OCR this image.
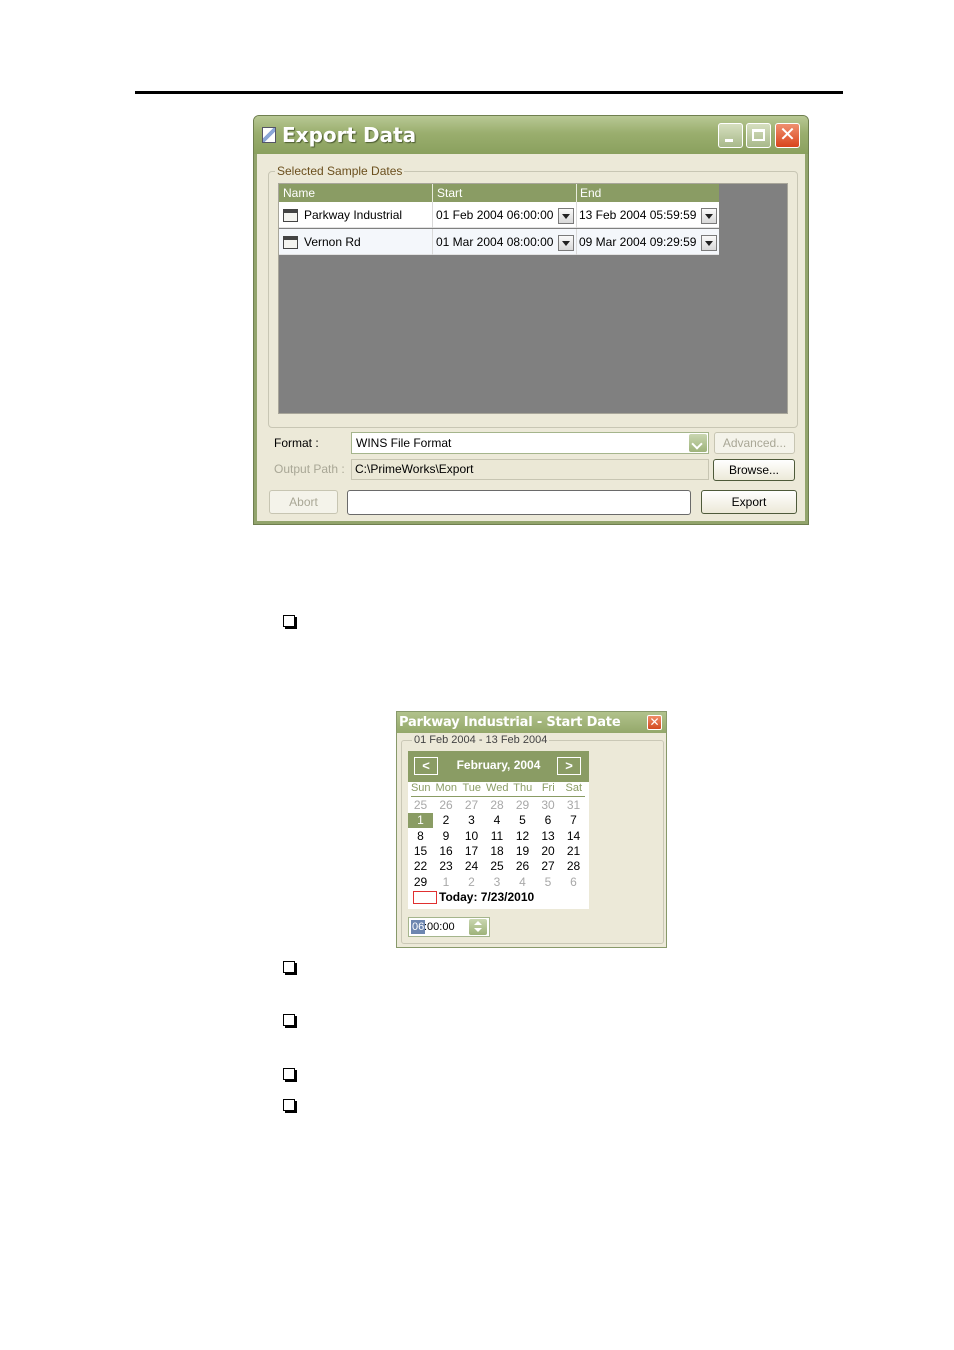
Export Data	✕
Selected Sample Dates
Name	Start	End
Parkway Industrial	01 Feb 2004 06:00:00 13 Feb 2004 05:59:59
Vernon Rd	01 Mar 2004 08:00:00 09 Mar 2004 09:29:59
Format :	WINS File Format	Advanced...
Output Path : C:\PrimeWorks\Export	Browse...
Abort	Export
Parkway Industrial - Start Date ✕
01 Feb 2004 - 13 Feb 2004
<	February, 2004	>
Sun Mon Tue Wed Thu Fri Sat
25	26	27	28	29	30	31
1	2	3	4	5	6	7
8	9	10	11	12	13	14
15	16	17	18	19	20	21
22	23	24	25	26	27	28
29	1	2	3	4	5	6
Today: 7/23/2010
06 :00:00
